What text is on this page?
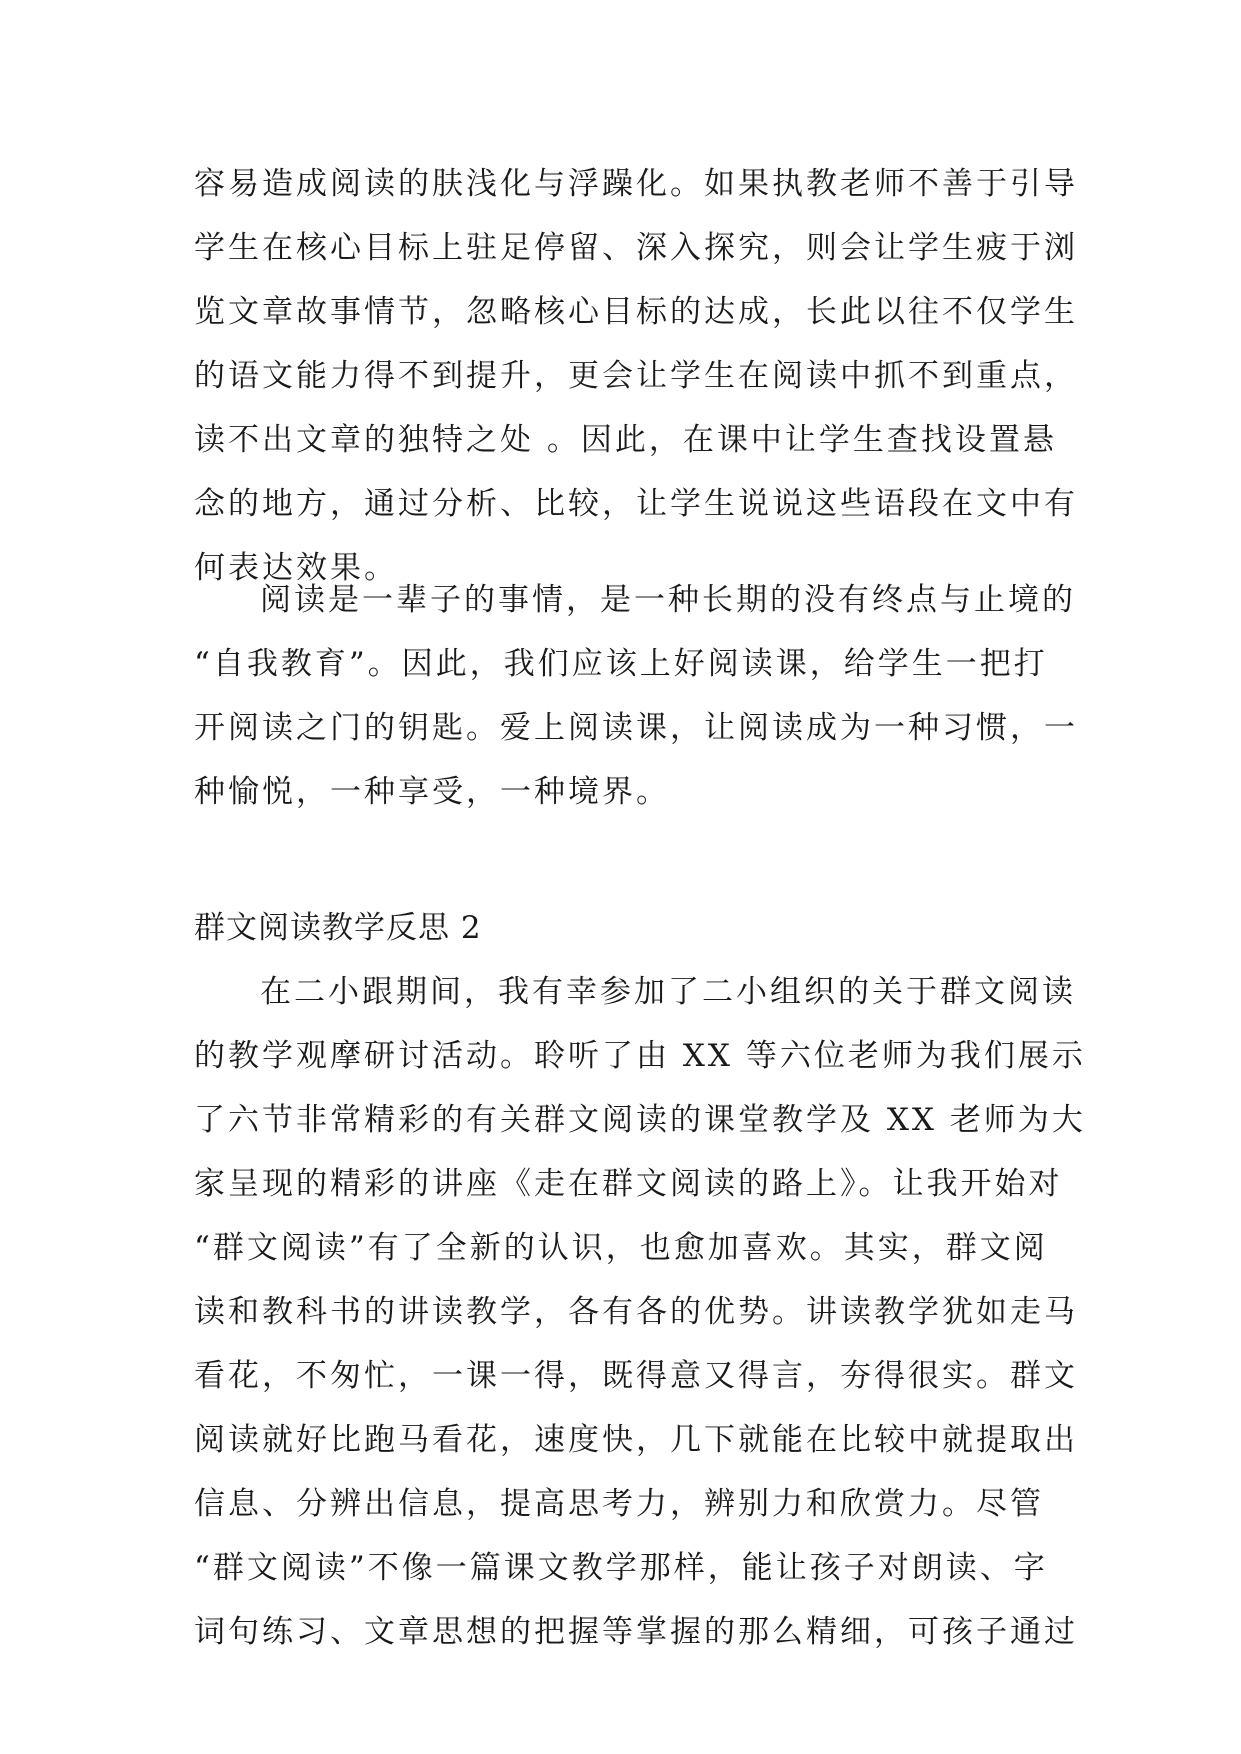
容易造成阅读的肤浅化与浮躁化。如果执教老师不善于引导
学生在核心目标上驻足停留、深入探究，则会让学生疲于浏
览文章故事情节，忽略核心目标的达成，长此以往不仅学生
的语文能力得不到提升，更会让学生在阅读中抓不到重点，
读不出文章的独特之处 。因此，在课中让学生查找设置悬
念的地方，通过分析、比较，让学生说说这些语段在文中有
何表达效果。
阅读是一辈子的事情，是一种长期的没有终点与止境的
“自我教育”。因此，我们应该上好阅读课，给学生一把打
开阅读之门的钥匙。爱上阅读课，让阅读成为一种习惯，一
种愉悦，一种享受，一种境界。
群文阅读教学反思 2
在二小跟期间，我有幸参加了二小组织的关于群文阅读
的教学观摩研讨活动。聆听了由 XX 等六位老师为我们展示
了六节非常精彩的有关群文阅读的课堂教学及 XX 老师为大
家呈现的精彩的讲座《走在群文阅读的路上》。让我开始对
“群文阅读”有了全新的认识，也愈加喜欢。其实，群文阅
读和教科书的讲读教学，各有各的优势。讲读教学犹如走马
看花，不匆忙，一课一得，既得意又得言，夯得很实。群文
阅读就好比跑马看花，速度快，几下就能在比较中就提取出
信息、分辨出信息，提高思考力，辨别力和欣赏力。尽管
“群文阅读”不像一篇课文教学那样，能让孩子对朗读、字
词句练习、文章思想的把握等掌握的那么精细，可孩子通过
